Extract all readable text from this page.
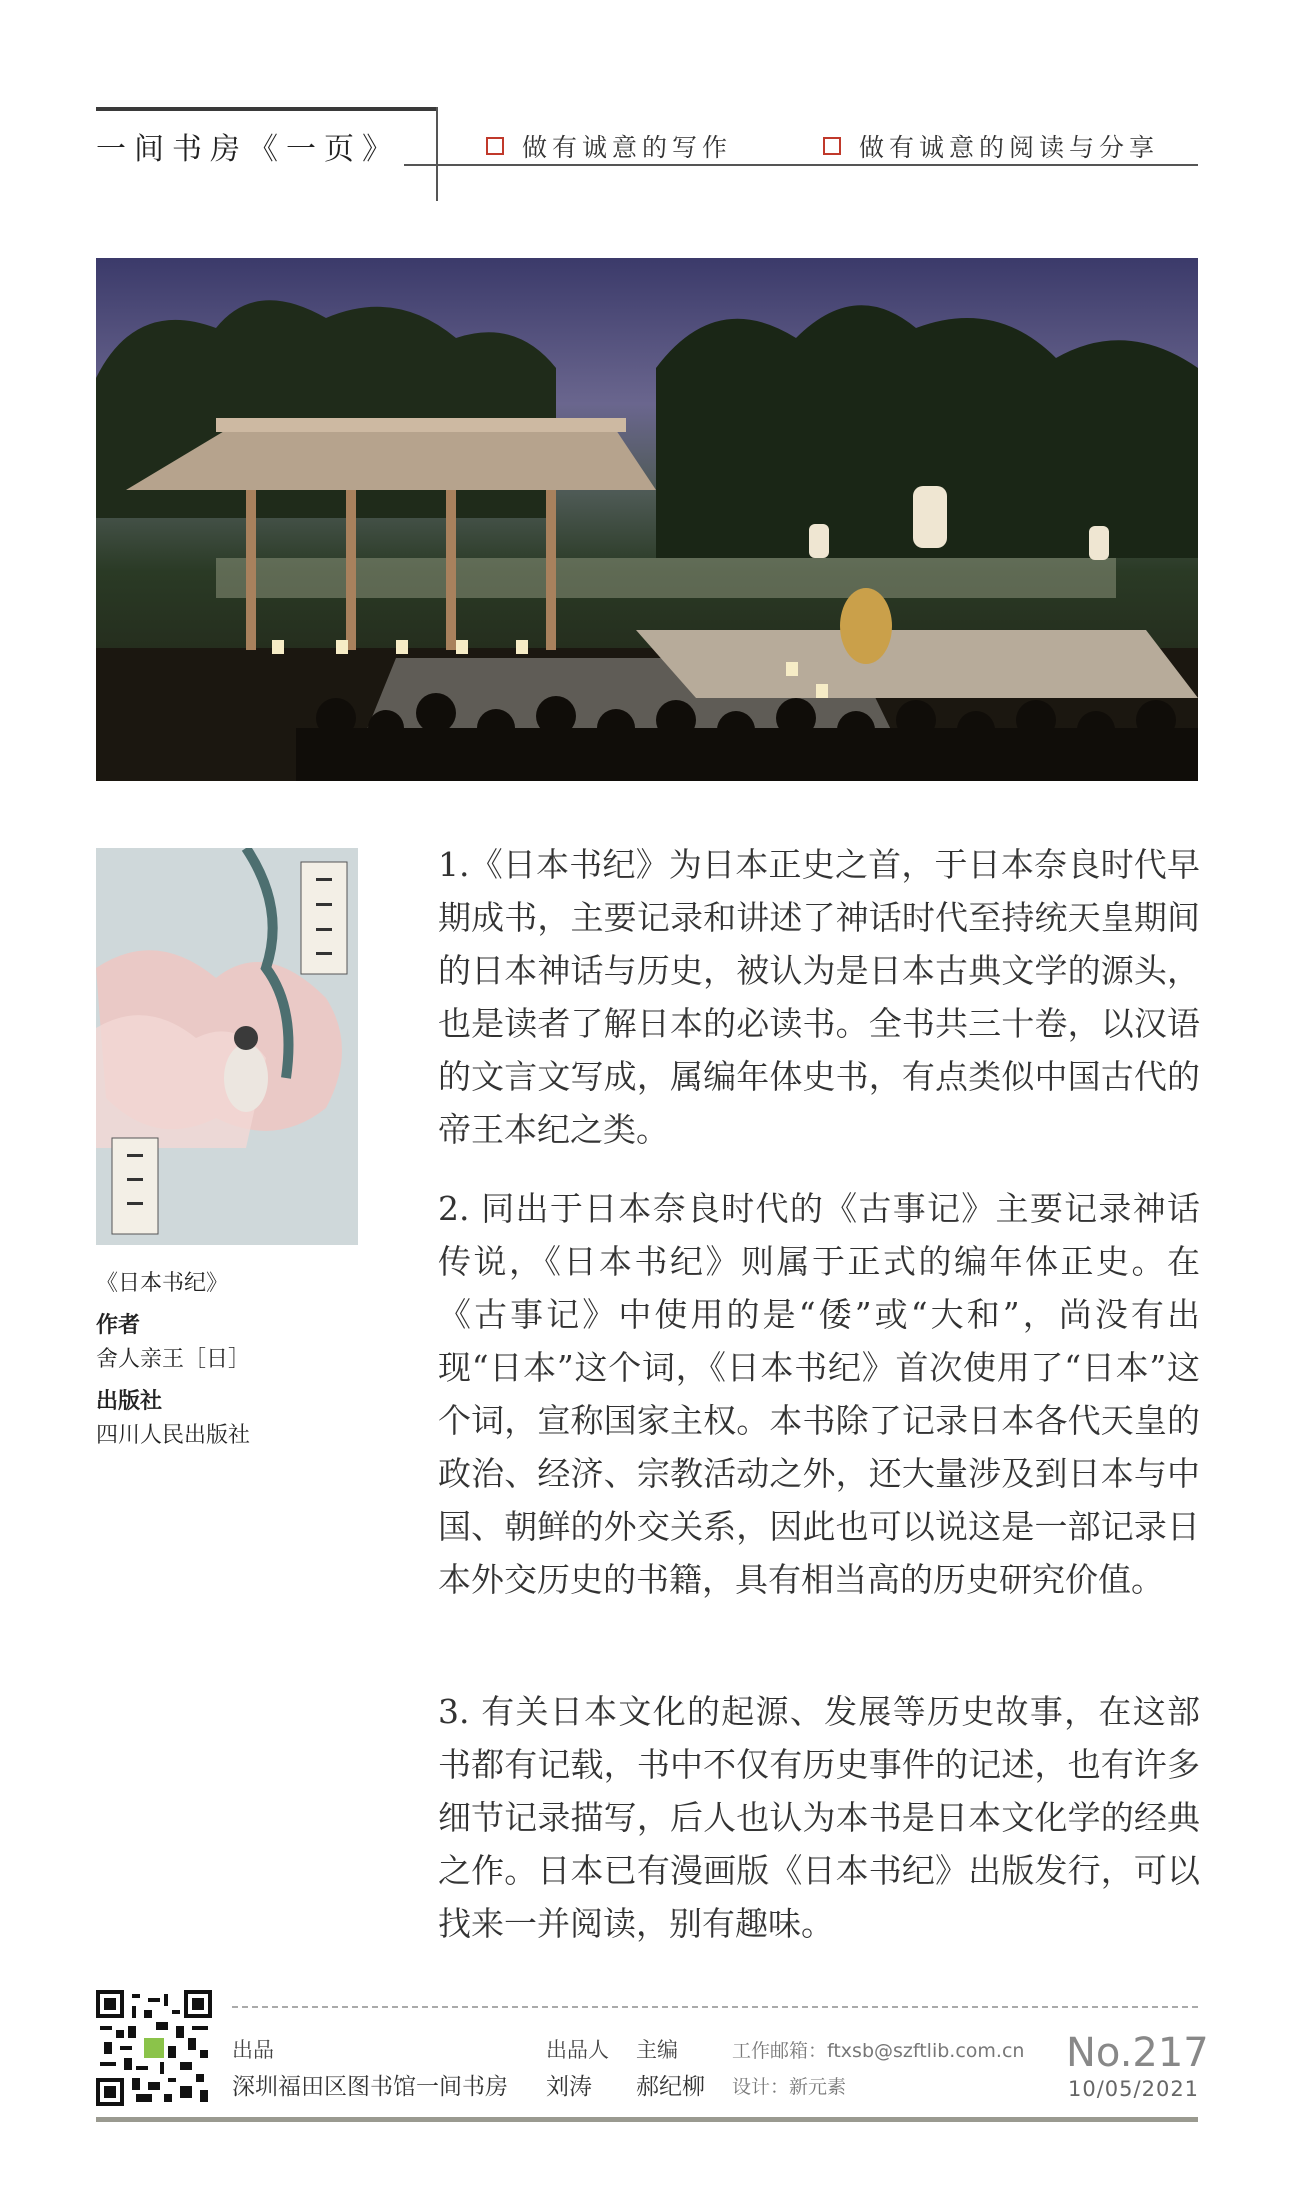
一间书房《一页》	做有诚意的写作	做有诚意的阅读与分享
《日本书纪》
作者
舍人亲王［日］
出版社
四川人民出版社
1.《日本书纪》为日本正史之首，于日本奈良时代早期成书，主要记录和讲述了神话时代至持统天皇期间的日本神话与历史，被认为是日本古典文学的源头，也是读者了解日本的必读书。全书共三十卷，以汉语的文言文写成，属编年体史书，有点类似中国古代的帝王本纪之类。
2. 同出于日本奈良时代的《古事记》主要记录神话传说，《日本书纪》则属于正式的编年体正史。在《古事记》中使用的是“倭”或“大和”，尚没有出现“日本”这个词，《日本书纪》首次使用了“日本”这个词，宣称国家主权。本书除了记录日本各代天皇的政治、经济、宗教活动之外，还大量涉及到日本与中国、朝鲜的外交关系，因此也可以说这是一部记录日本外交历史的书籍，具有相当高的历史研究价值。
3. 有关日本文化的起源、发展等历史故事，在这部书都有记载，书中不仅有历史事件的记述，也有许多细节记录描写，后人也认为本书是日本文化学的经典之作。日本已有漫画版《日本书纪》出版发行，可以找来一并阅读，别有趣味。
出品
深圳福田区图书馆一间书房
出品人
刘涛
主编
郝纪柳
工作邮箱：ftxsb@szftlib.com.cn
设计：新元素
No.217
10/05/2021
